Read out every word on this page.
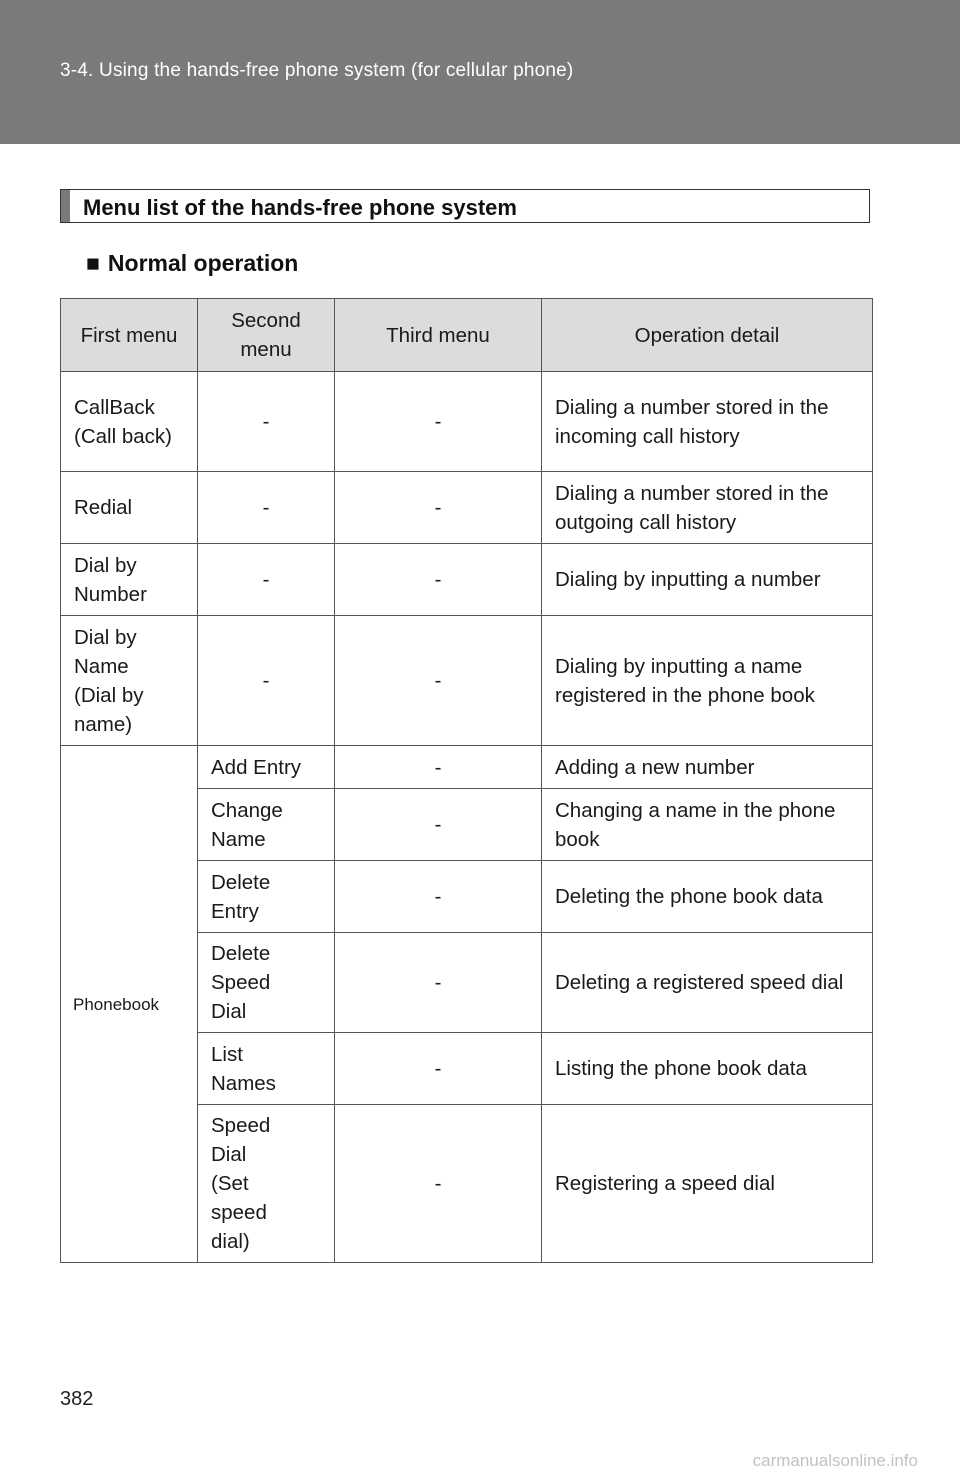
3-4. Using the hands-free phone system (for cellular phone)
Menu list of the hands-free phone system
■ Normal operation
First menu	Second menu	Third menu	Operation detail

CallBack (Call back)	-	-	Dialing a number stored in the incoming call history
Redial	-	-	Dialing a number stored in the outgoing call history

Dial by Number	-	-	Dialing by inputting a number

Dial by Name (Dial by name)	-	-	Dialing by inputting a name registered in the phone book
Phonebook	Add Entry	-	Adding a new number

	Change Name	-	Changing a name in the phone book

	Delete Entry	-	Deleting the phone book data

	Delete Speed Dial	-	Deleting a registered speed dial

	List Names	-	Listing the phone book data

	Speed Dial (Set speed dial)	-	Registering a speed dial
382
carmanualsonline.info
